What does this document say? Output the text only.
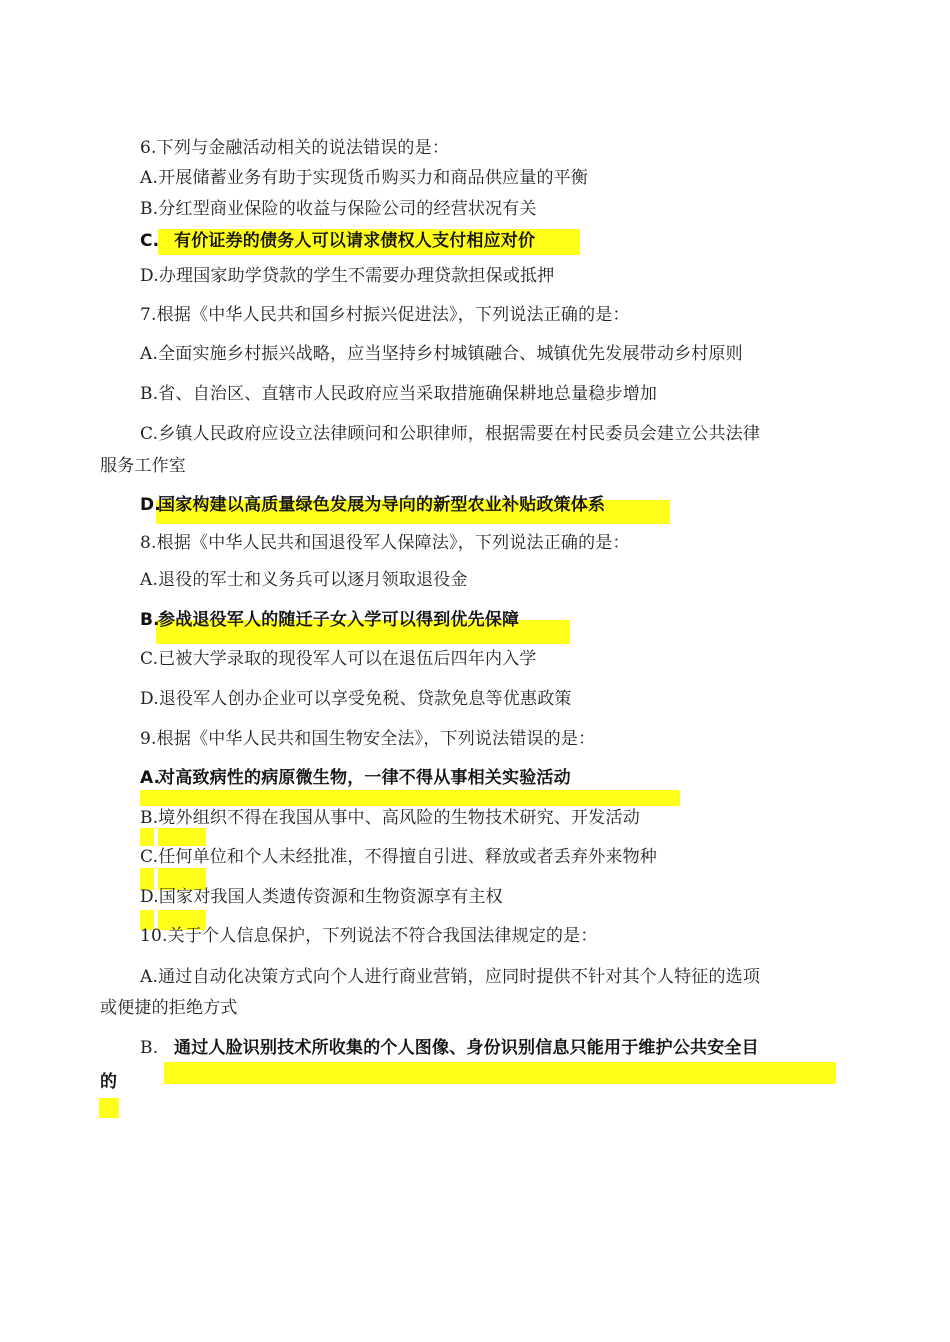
6.下列与金融活动相关的说法错误的是：
A.开展储蓄业务有助于实现货币购买力和商品供应量的平衡
B.分红型商业保险的收益与保险公司的经营状况有关
C. 有价证券的债务人可以请求债权人支付相应对价
D.办理国家助学贷款的学生不需要办理贷款担保或抵押
7.根据《中华人民共和国乡村振兴促进法》，下列说法正确的是：
A.全面实施乡村振兴战略，应当坚持乡村城镇融合、城镇优先发展带动乡村原则
B.省、自治区、直辖市人民政府应当采取措施确保耕地总量稳步增加
C.乡镇人民政府应设立法律顾问和公职律师，根据需要在村民委员会建立公共法律
服务工作室
D.
国家构建以高质量绿色发展为导向的新型农业补贴政策体系
8.根据《中华人民共和国退役军人保障法》，下列说法正确的是：
A.退役的军士和义务兵可以逐月领取退役金
B.
参战退役军人的随迁子女入学可以得到优先保障
C.已被大学录取的现役军人可以在退伍后四年内入学
D.退役军人创办企业可以享受免税、贷款免息等优惠政策
9.根据《中华人民共和国生物安全法》，下列说法错误的是：
A.
对高致病性的病原微生物，一律不得从事相关实验活动
B.境外组织不得在我国从事中、高风险的生物技术研究、开发活动
C.任何单位和个人未经批准，不得擅自引进、释放或者丢弃外来物种
D.国家对我国人类遗传资源和生物资源享有主权
10.关于个人信息保护，下列说法不符合我国法律规定的是：
A.通过自动化决策方式向个人进行商业营销，应同时提供不针对其个人特征的选项
或便捷的拒绝方式
B. 通过人脸识别技术所收集的个人图像、身份识别信息只能用于维护公共安全目
的
